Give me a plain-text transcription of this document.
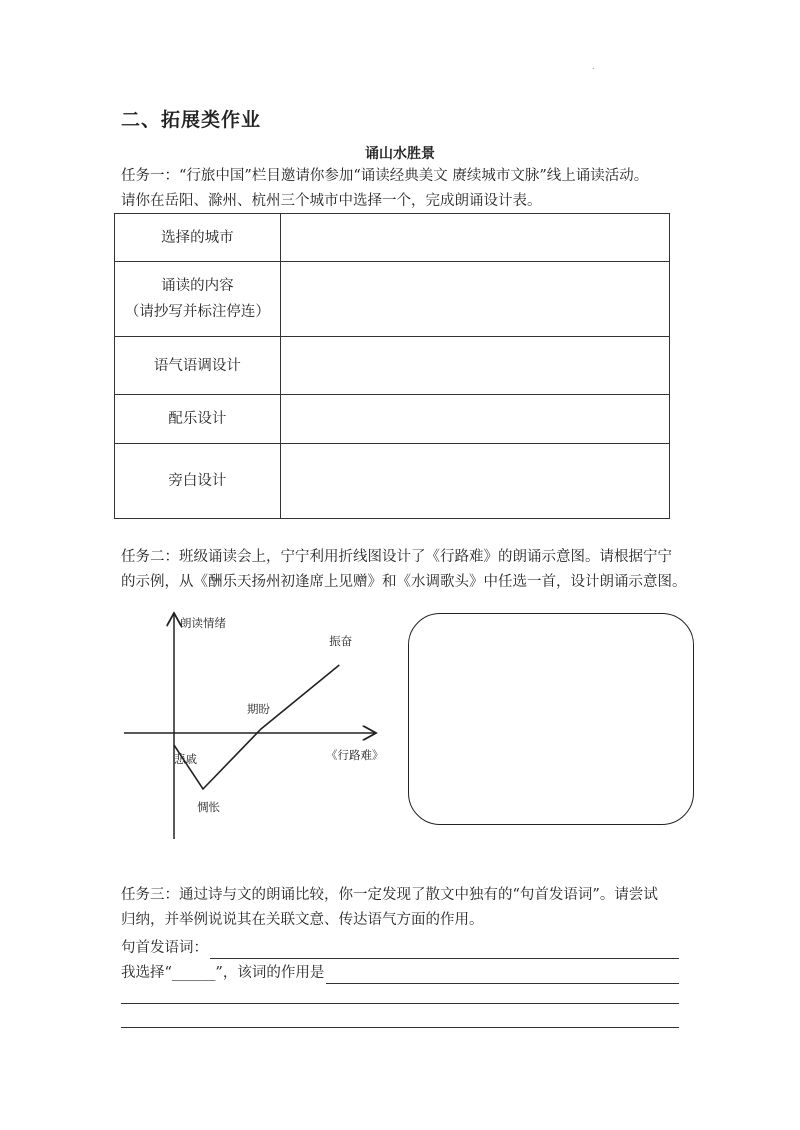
.
二、拓展类作业
诵山水胜景
任务一：“行旅中国”栏目邀请你参加“诵读经典美文 赓续城市文脉”线上诵读活动。
请你在岳阳、滁州、杭州三个城市中选择一个，完成朗诵设计表。
选择的城市	

诵读的内容
（请抄写并标注停连）	

语气语调设计	
配乐设计	
旁白设计	
任务二：班级诵读会上，宁宁利用折线图设计了《行路难》的朗诵示意图。请根据宁宁
的示例，从《酬乐天扬州初逢席上见赠》和《水调歌头》中任选一首，设计朗诵示意图。
朗读情绪
《行路难》
悲戚
惆怅
期盼
振奋
任务三：通过诗与文的朗诵比较，你一定发现了散文中独有的“句首发语词”。请尝试
归纳，并举例说说其在关联文意、传达语气方面的作用。
句首发语词：
我选择“______”，该词的作用是
